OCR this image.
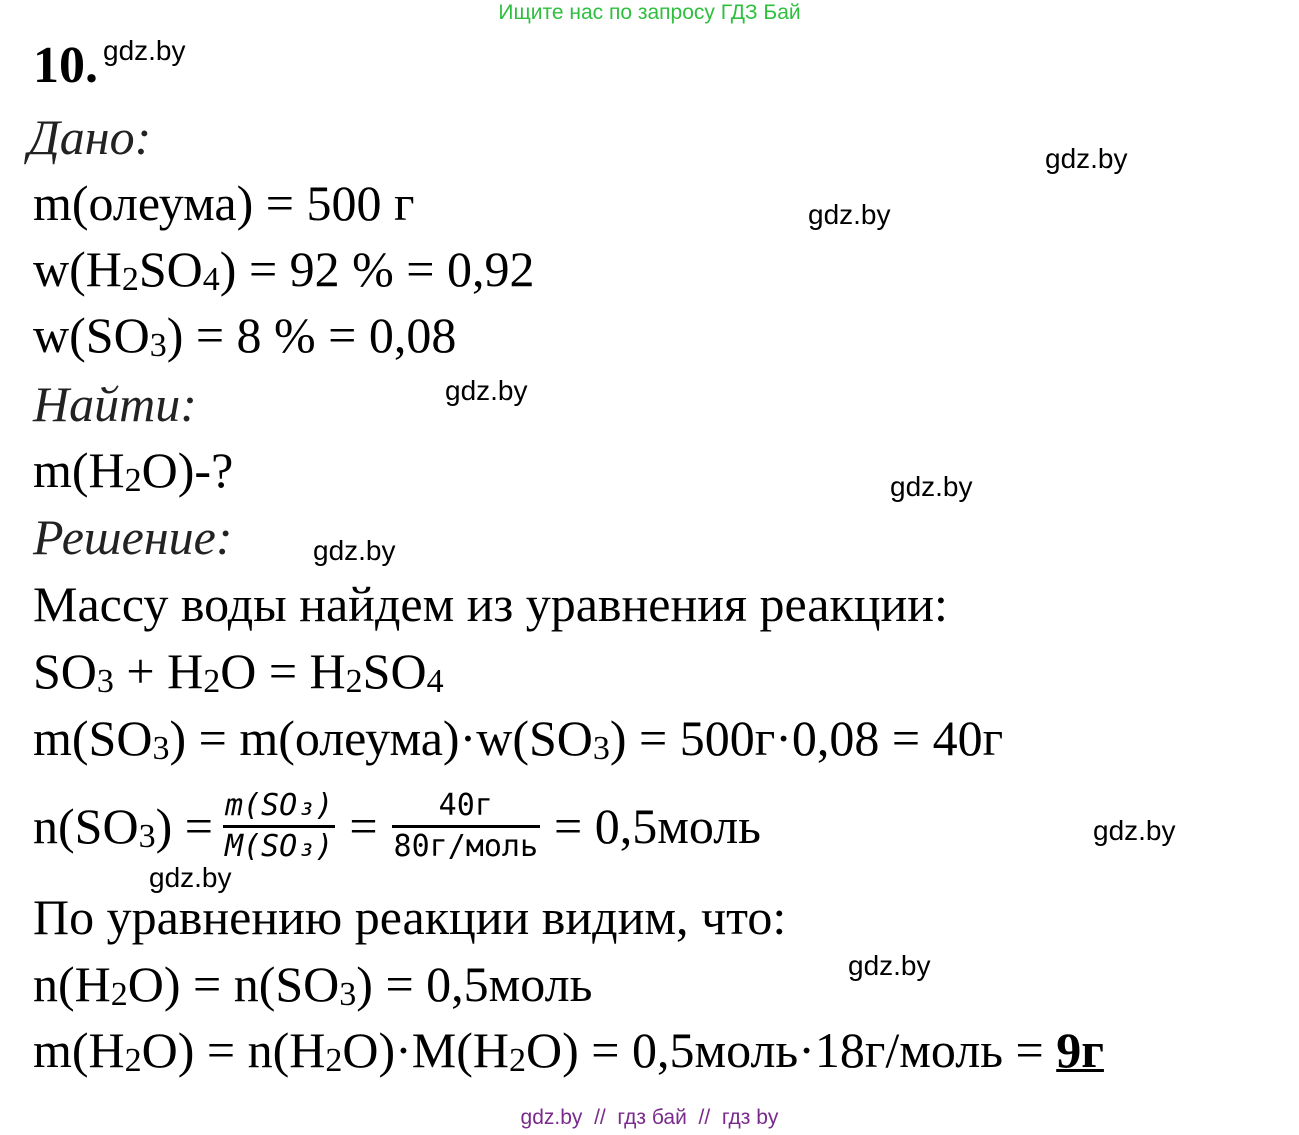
Ищите нас по запросу ГДЗ Бай
10. gdz.by
gdz.by
gdz.by
gdz.by
gdz.by
gdz.by
gdz.by
gdz.by
gdz.by
Дано:
m(олеума) = 500 г
$w(H_2SO_4) = 92$ % = 0,92
$w(SO_3) = 8$ % = 0,08
Найти:
$m(H_2O)-$?
Решение:
Массу воды найдем из уравнения реакции:
$SO_3 + H_2O = H_2SO_4$
$m(SO_3)$ = $m(олеума)\cdot w(SO_3) = 500г\cdot 0,08 = 40г$
$n(SO_3) = \frac{\text{m(SO₃)}}{\text{M(SO₃)}} = \frac{40г}{\text{80г/моль}}$ = 0,5моль
По уравнению реакции видим, что:
$n(H_2O) = n(SO_3)$ = 0,5моль
$m(H_2O) = n(H_2O)\cdot M(H_2O)$ = 0,5моль·18г/моль = 9г
gdz.by  //  гдз бай  //  гдз by
